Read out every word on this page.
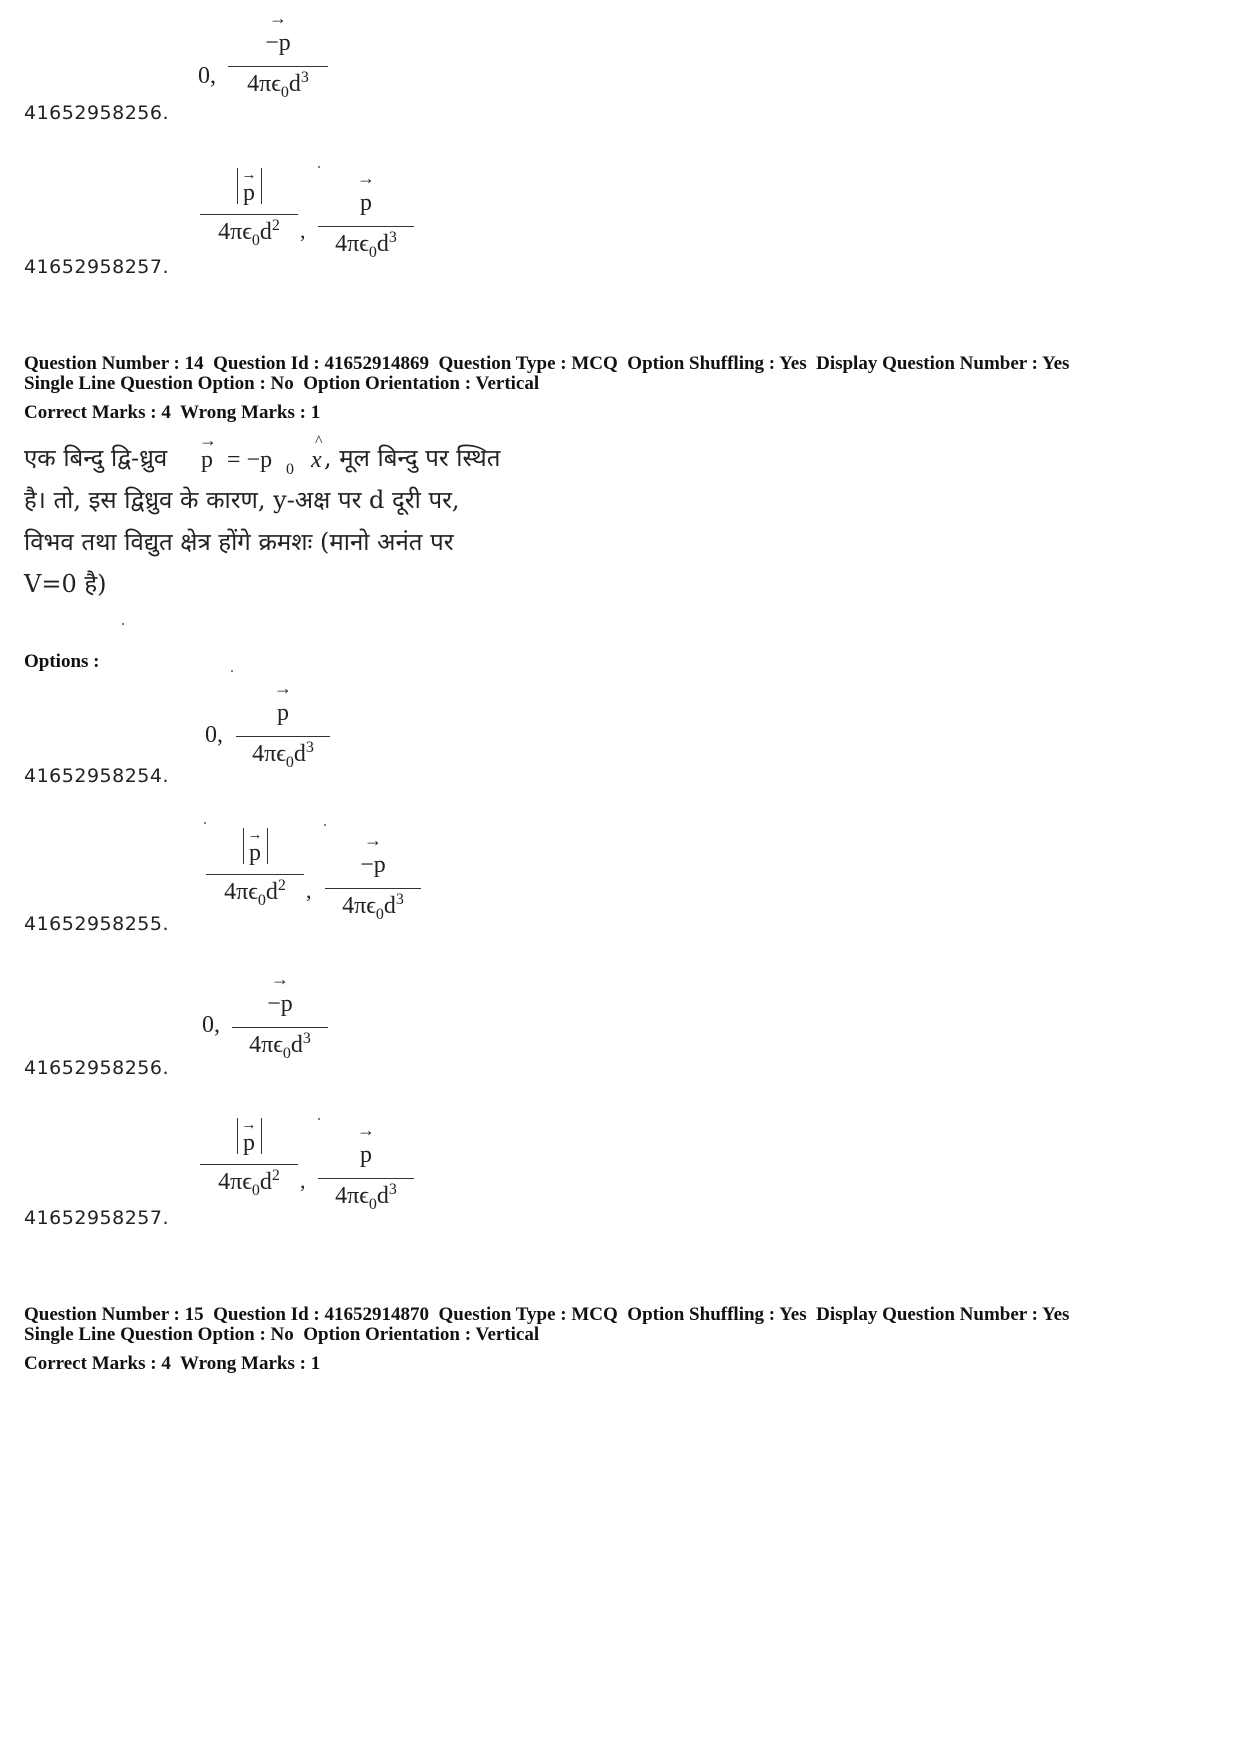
0, →
−p
$4\pi\epsilon_0d^3$
41652958256.
→
p
$4\pi\epsilon_0d^2$ , →
p
$4\pi\epsilon_0d^3$
41652958257.
Question Number : 14  Question Id : 41652914869  Question Type : MCQ  Option Shuffling : Yes  Display Question Number : Yes
Single Line Question Option : No  Option Orientation : Vertical
Correct Marks : 4  Wrong Marks : 1
एक बिन्दु द्वि-ध्रुव
→
p = −p 0
^
x , मूल बिन्दु पर स्थित
है। तो, इस द्विध्रुव के कारण, y-अक्ष पर d दूरी पर,
विभव तथा विद्युत क्षेत्र होंगे क्रमशः (मानो अनंत पर
V=0 है)
Options :
0, →
p
$4\pi\epsilon_0d^3$
41652958254.
→
p
$4\pi\epsilon_0d^2$ , →
−p
$4\pi\epsilon_0d^3$
41652958255.
0, →
−p
$4\pi\epsilon_0d^3$
41652958256.
→
p
$4\pi\epsilon_0d^2$ , →
p
$4\pi\epsilon_0d^3$
41652958257.
Question Number : 15  Question Id : 41652914870  Question Type : MCQ  Option Shuffling : Yes  Display Question Number : Yes
Single Line Question Option : No  Option Orientation : Vertical
Correct Marks : 4  Wrong Marks : 1
